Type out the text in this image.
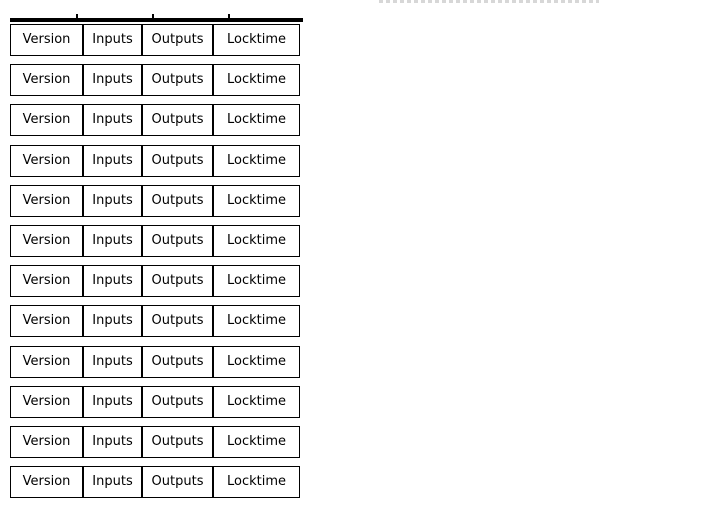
Version	Inputs	Outputs	Locktime
Version	Inputs	Outputs	Locktime
Version	Inputs	Outputs	Locktime
Version	Inputs	Outputs	Locktime
Version	Inputs	Outputs	Locktime
Version	Inputs	Outputs	Locktime
Version	Inputs	Outputs	Locktime
Version	Inputs	Outputs	Locktime
Version	Inputs	Outputs	Locktime
Version	Inputs	Outputs	Locktime
Version	Inputs	Outputs	Locktime
Version	Inputs	Outputs	Locktime
